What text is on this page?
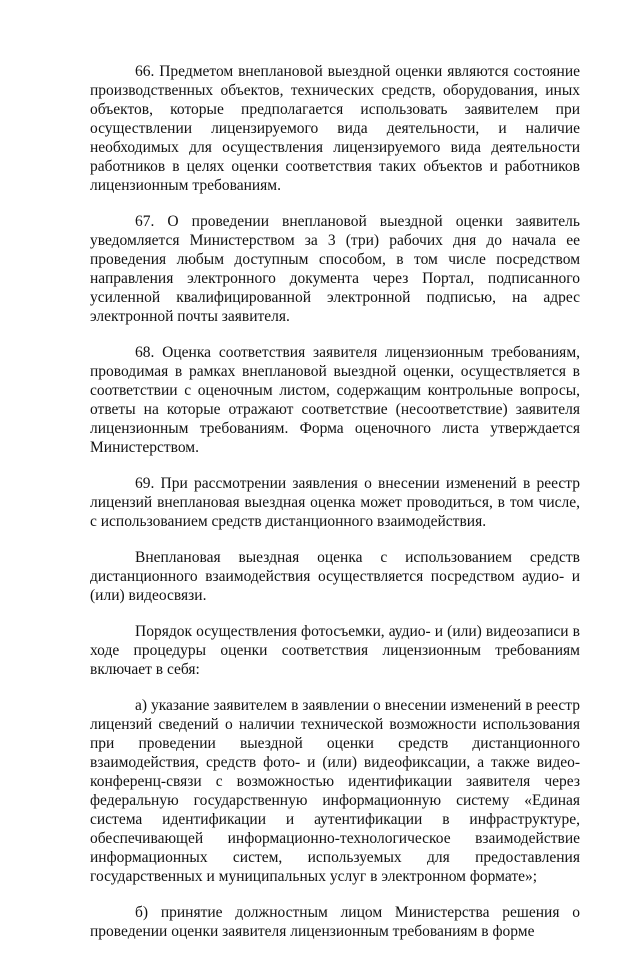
66. Предметом внеплановой выездной оценки являются состояние производственных объектов, технических средств, оборудования, иных объектов, которые предполагается использовать заявителем при осуществлении лицензируемого вида деятельности, и наличие необходимых для осуществления лицензируемого вида деятельности работников в целях оценки соответствия таких объектов и работников лицензионным требованиям.

67. О проведении внеплановой выездной оценки заявитель уведомляется Министерством за 3 (три) рабочих дня до начала ее проведения любым доступным способом, в том числе посредством направления электронного документа через Портал, подписанного усиленной квалифицированной электронной подписью, на адрес электронной почты заявителя.

68. Оценка соответствия заявителя лицензионным требованиям, проводимая в рамках внеплановой выездной оценки, осуществляется в соответствии с оценочным листом, содержащим контрольные вопросы, ответы на которые отражают соответствие (несоответствие) заявителя лицензионным требованиям. Форма оценочного листа утверждается Министерством.

69. При рассмотрении заявления о внесении изменений в реестр лицензий внеплановая выездная оценка может проводиться, в том числе, с использованием средств дистанционного взаимодействия.

Внеплановая выездная оценка с использованием средств дистанционного взаимодействия осуществляется посредством аудио- и (или) видеосвязи.

Порядок осуществления фотосъемки, аудио- и (или) видеозаписи в ходе процедуры оценки соответствия лицензионным требованиям включает в себя:

а) указание заявителем в заявлении о внесении изменений в реестр лицензий сведений о наличии технической возможности использования при проведении выездной оценки средств дистанционного взаимодействия, средств фото- и (или) видеофиксации, а также видео-конференц-связи с возможностью идентификации заявителя через федеральную государственную информационную систему «Единая система идентификации и аутентификации в инфраструктуре, обеспечивающей информационно-технологическое взаимодействие информационных систем, используемых для предоставления государственных и муниципальных услуг в электронном формате»;

б) принятие должностным лицом Министерства решения о проведении оценки заявителя лицензионным требованиям в форме
